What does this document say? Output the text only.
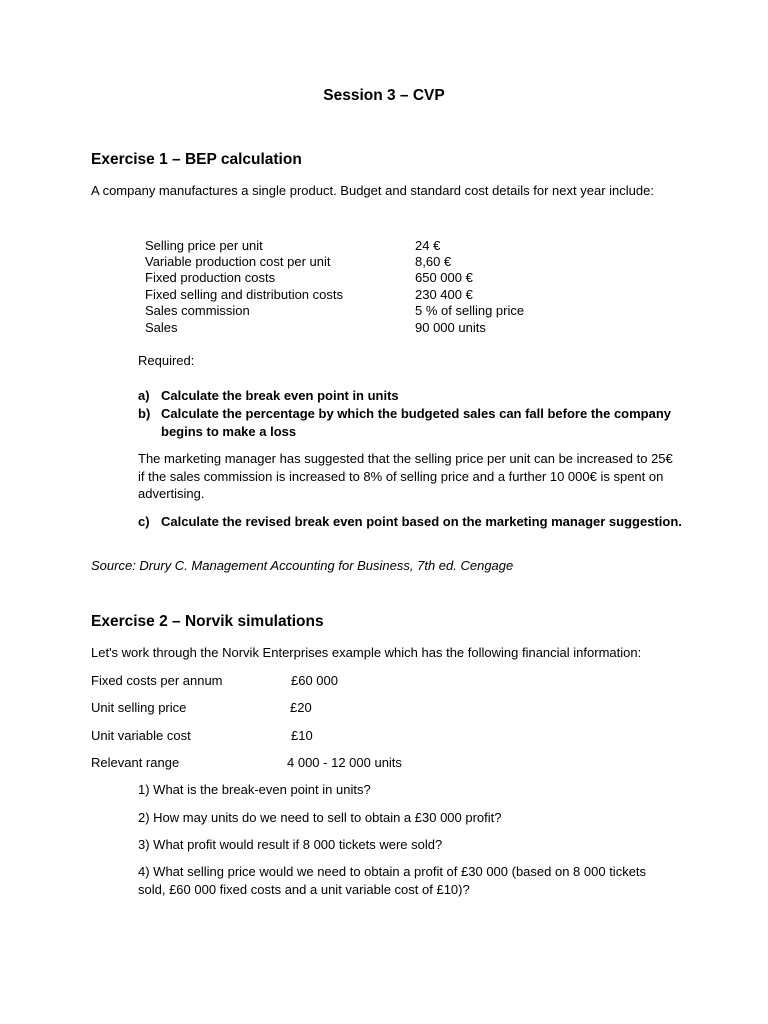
Session 3 – CVP
Exercise 1 – BEP calculation
A company manufactures a single product. Budget and standard cost details for next year include:
Selling price per unit	24 €
Variable production cost per unit	8,60 €
Fixed production costs	650 000 €
Fixed selling and distribution costs	230 400 €
Sales commission	5 % of selling price
Sales	90 000 units
Required:
a) Calculate the break even point in units
b) Calculate the percentage by which the budgeted sales can fall before the company
begins to make a loss
The marketing manager has suggested that the selling price per unit can be increased to 25€
if the sales commission is increased to 8% of selling price and a further 10 000€ is spent on
advertising.
c) Calculate the revised break even point based on the marketing manager suggestion.
Source: Drury C. Management Accounting for Business, 7th ed. Cengage
Exercise 2 – Norvik simulations
Let's work through the Norvik Enterprises example which has the following financial information:
Fixed costs per annum	£60 000
Unit selling price	£20
Unit variable cost	£10
Relevant range	4 000 - 12 000 units
1) What is the break-even point in units?
2) How may units do we need to sell to obtain a £30 000 profit?
3) What profit would result if 8 000 tickets were sold?
4) What selling price would we need to obtain a profit of £30 000 (based on 8 000 tickets
sold, £60 000 fixed costs and a unit variable cost of £10)?
